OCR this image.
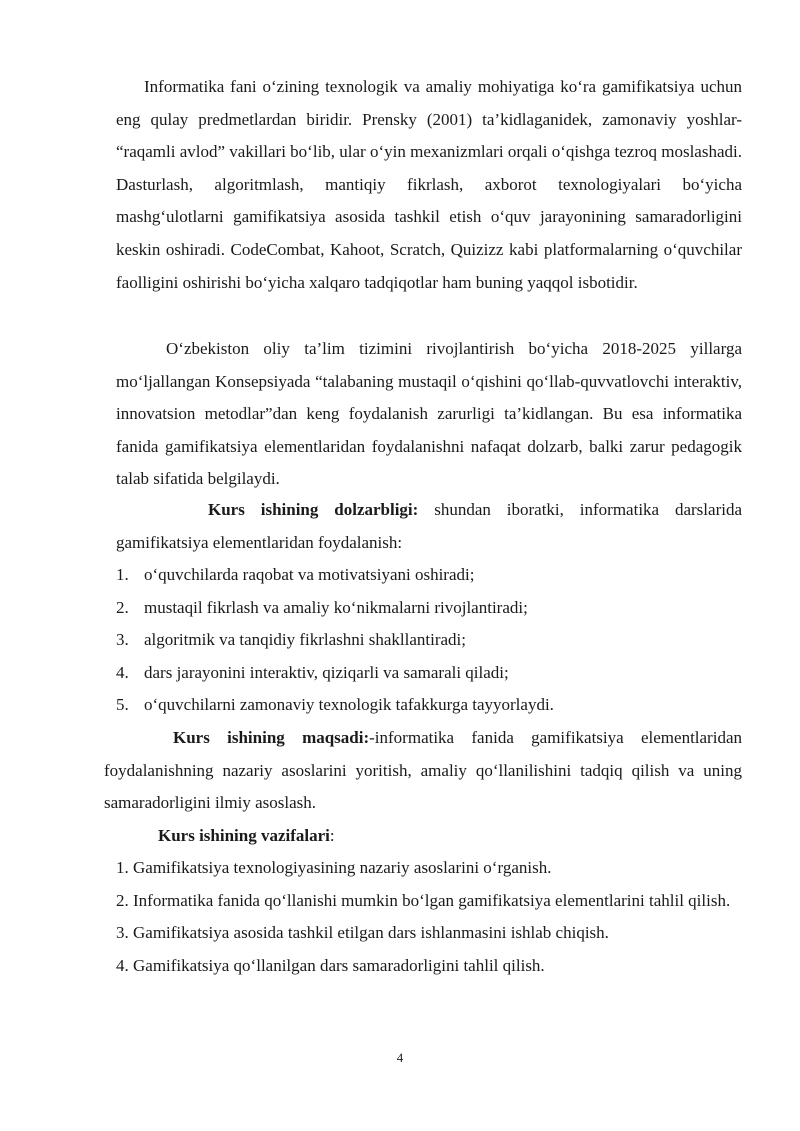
Informatika fani o‘zining texnologik va amaliy mohiyatiga ko‘ra gamifikatsiya uchun eng qulay predmetlardan biridir. Prensky (2001) ta’kidlaganidek, zamonaviy yoshlar- “raqamli avlod” vakillari bo‘lib, ular o‘yin mexanizmlari orqali o‘qishga tezroq moslashadi. Dasturlash, algoritmlash, mantiqiy fikrlash, axborot texnologiyalari bo‘yicha mashg‘ulotlarni gamifikatsiya asosida tashkil etish o‘quv jarayonining samaradorligini keskin oshiradi. CodeCombat, Kahoot, Scratch, Quizizz kabi platformalarning o‘quvchilar faolligini oshirishi bo‘yicha xalqaro tadqiqotlar ham buning yaqqol isbotidir.

O‘zbekiston oliy ta’lim tizimini rivojlantirish bo‘yicha 2018-2025 yillarga mo‘ljallangan Konsepsiyada “talabaning mustaqil o‘qishini qo‘llab-quvvatlovchi interaktiv, innovatsion metodlar”dan keng foydalanish zarurligi ta’kidlangan. Bu esa informatika fanida gamifikatsiya elementlaridan foydalanishni nafaqat dolzarb, balki zarur pedagogik talab sifatida belgilaydi.

Kurs ishining dolzarbligi: shundan iboratki, informatika darslarida gamifikatsiya elementlaridan foydalanish:

1. o‘quvchilarda raqobat va motivatsiyani oshiradi;
2. mustaqil fikrlash va amaliy ko‘nikmalarni rivojlantiradi;
3. algoritmik va tanqidiy fikrlashni shakllantiradi;
4. dars jarayonini interaktiv, qiziqarli va samarali qiladi;
5. o‘quvchilarni zamonaviy texnologik tafakkurga tayyorlaydi.

Kurs ishining maqsadi:-informatika fanida gamifikatsiya elementlaridan foydalanishning nazariy asoslarini yoritish, amaliy qo‘llanilishini tadqiq qilish va uning samaradorligini ilmiy asoslash.

Kurs ishining vazifalari:

1. Gamifikatsiya texnologiyasining nazariy asoslarini o‘rganish.
2. Informatika fanida qo‘llanishi mumkin bo‘lgan gamifikatsiya elementlarini tahlil qilish.
3. Gamifikatsiya asosida tashkil etilgan dars ishlanmasini ishlab chiqish.
4. Gamifikatsiya qo‘llanilgan dars samaradorligini tahlil qilish.
4
